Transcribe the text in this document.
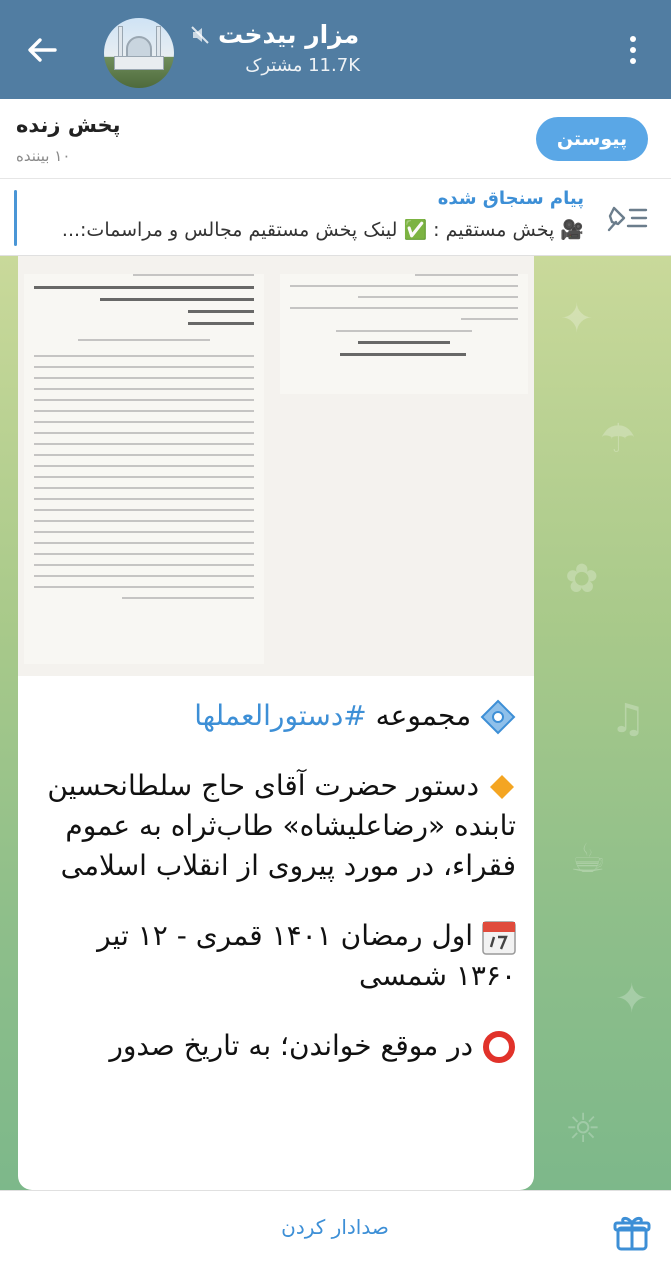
مزار بیدخت
11.7K مشترک
پخش زنده
۱۰ بیننده
پیوستن
پیام سنجاق شده
🎥 پخش مستقیم : ✅ لینک پخش مستقیم مجالس و مراسمات:...
✦
☂
✿
♫
☕
✦
☼
مجموعه #دستورالعملها
دستور حضرت آقای حاج سلطانحسین تابنده «رضاعلیشاه» طاب‌ثراه به عموم فقراء، در مورد پیروی از انقلاب اسلامی
اول رمضان ۱۴۰۱ قمری - ۱۲ تیر ۱۳۶۰ شمسی
در موقع خواندن؛ به تاریخ صدور
صدادار کردن
